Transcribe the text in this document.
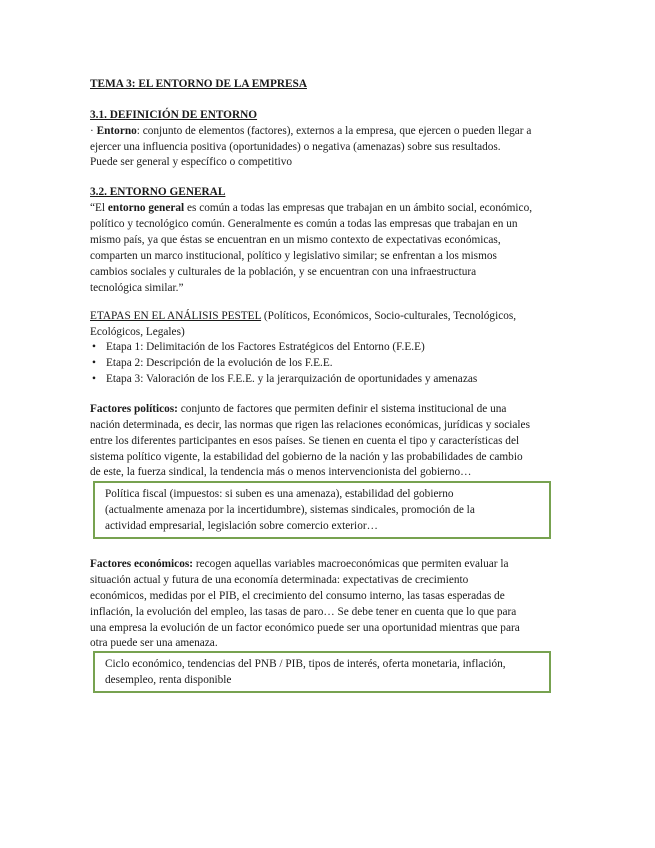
TEMA 3: EL ENTORNO DE LA EMPRESA
3.1. DEFINICIÓN DE ENTORNO
· Entorno: conjunto de elementos (factores), externos a la empresa, que ejercen o pueden llegar a
ejercer una influencia positiva (oportunidades) o negativa (amenazas) sobre sus resultados.
Puede ser general y específico o competitivo
3.2. ENTORNO GENERAL
“El entorno general es común a todas las empresas que trabajan en un ámbito social, económico,
político y tecnológico común. Generalmente es común a todas las empresas que trabajan en un
mismo país, ya que éstas se encuentran en un mismo contexto de expectativas económicas,
comparten un marco institucional, político y legislativo similar; se enfrentan a los mismos
cambios sociales y culturales de la población, y se encuentran con una infraestructura
tecnológica similar.”
ETAPAS EN EL ANÁLISIS PESTEL (Políticos, Económicos, Socio-culturales, Tecnológicos,
Ecológicos, Legales)
• Etapa 1: Delimitación de los Factores Estratégicos del Entorno (F.E.E)
• Etapa 2: Descripción de la evolución de los F.E.E.
• Etapa 3: Valoración de los F.E.E. y la jerarquización de oportunidades y amenazas
Factores políticos: conjunto de factores que permiten definir el sistema institucional de una
nación determinada, es decir, las normas que rigen las relaciones económicas, jurídicas y sociales
entre los diferentes participantes en esos países. Se tienen en cuenta el tipo y características del
sistema político vigente, la estabilidad del gobierno de la nación y las probabilidades de cambio
de este, la fuerza sindical, la tendencia más o menos intervencionista del gobierno…
Política fiscal (impuestos: si suben es una amenaza), estabilidad del gobierno
(actualmente amenaza por la incertidumbre), sistemas sindicales, promoción de la
actividad empresarial, legislación sobre comercio exterior…
Factores económicos: recogen aquellas variables macroeconómicas que permiten evaluar la
situación actual y futura de una economía determinada: expectativas de crecimiento
económicos, medidas por el PIB, el crecimiento del consumo interno, las tasas esperadas de
inflación, la evolución del empleo, las tasas de paro… Se debe tener en cuenta que lo que para
una empresa la evolución de un factor económico puede ser una oportunidad mientras que para
otra puede ser una amenaza.
Ciclo económico, tendencias del PNB / PIB, tipos de interés, oferta monetaria, inflación,
desempleo, renta disponible
